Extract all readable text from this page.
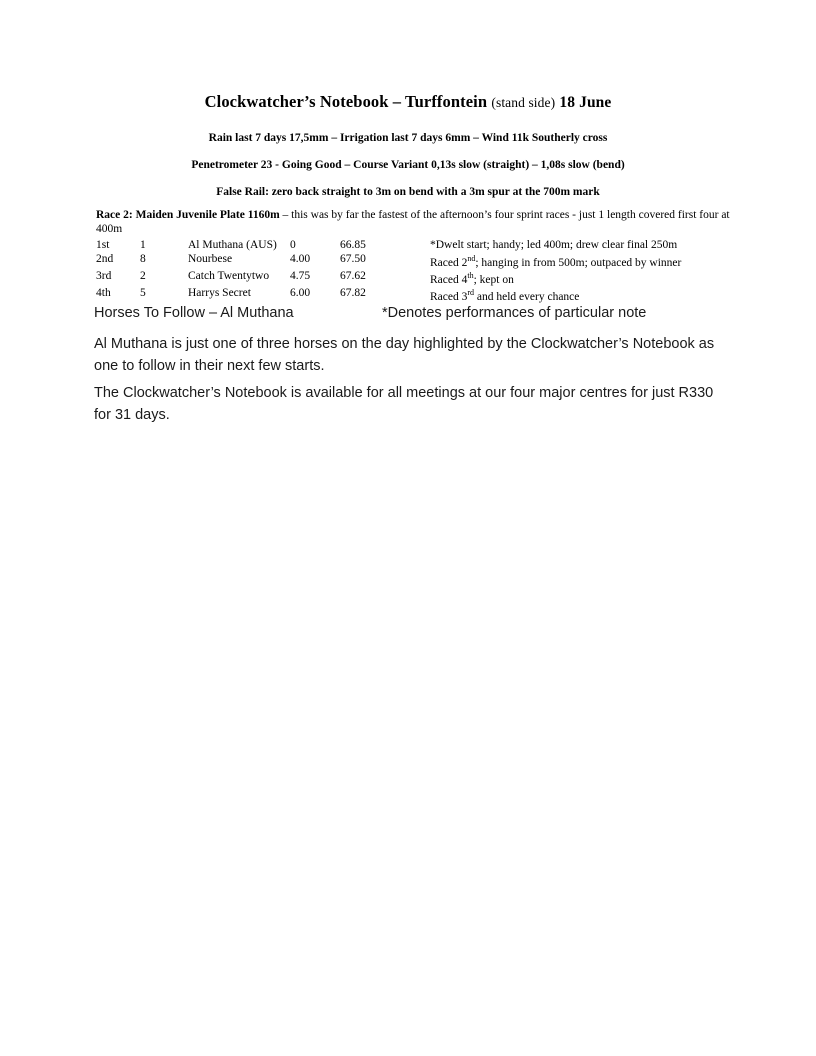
Clockwatcher’s Notebook – Turffontein (stand side) 18 June

Rain last 7 days 17,5mm – Irrigation last 7 days 6mm – Wind 11k Southerly cross

Penetrometer 23 - Going Good – Course Variant 0,13s slow (straight) – 1,08s slow (bend)

False Rail: zero back straight to 3m on bend with a 3m spur at the 700m mark

Race 2: Maiden Juvenile Plate 1160m – this was by far the fastest of the afternoon’s four sprint races - just 1 length covered first four at 400m

1st	1	Al Muthana (AUS)	0	66.85	*Dwelt start; handy; led 400m; drew clear final 250m
2nd	8	Nourbese	4.00	67.50	Raced 2nd; hanging in from 500m; outpaced by winner
3rd	2	Catch Twentytwo	4.75	67.62	Raced 4th; kept on
4th	5	Harrys Secret	6.00	67.82	Raced 3rd and held every chance
Horses To Follow – Al Muthana	*Denotes performances of particular note
Al Muthana is just one of three horses on the day highlighted by the Clockwatcher’s Notebook as one to follow in their next few starts.
The Clockwatcher’s Notebook is available for all meetings at our four major centres for just R330 for 31 days.
